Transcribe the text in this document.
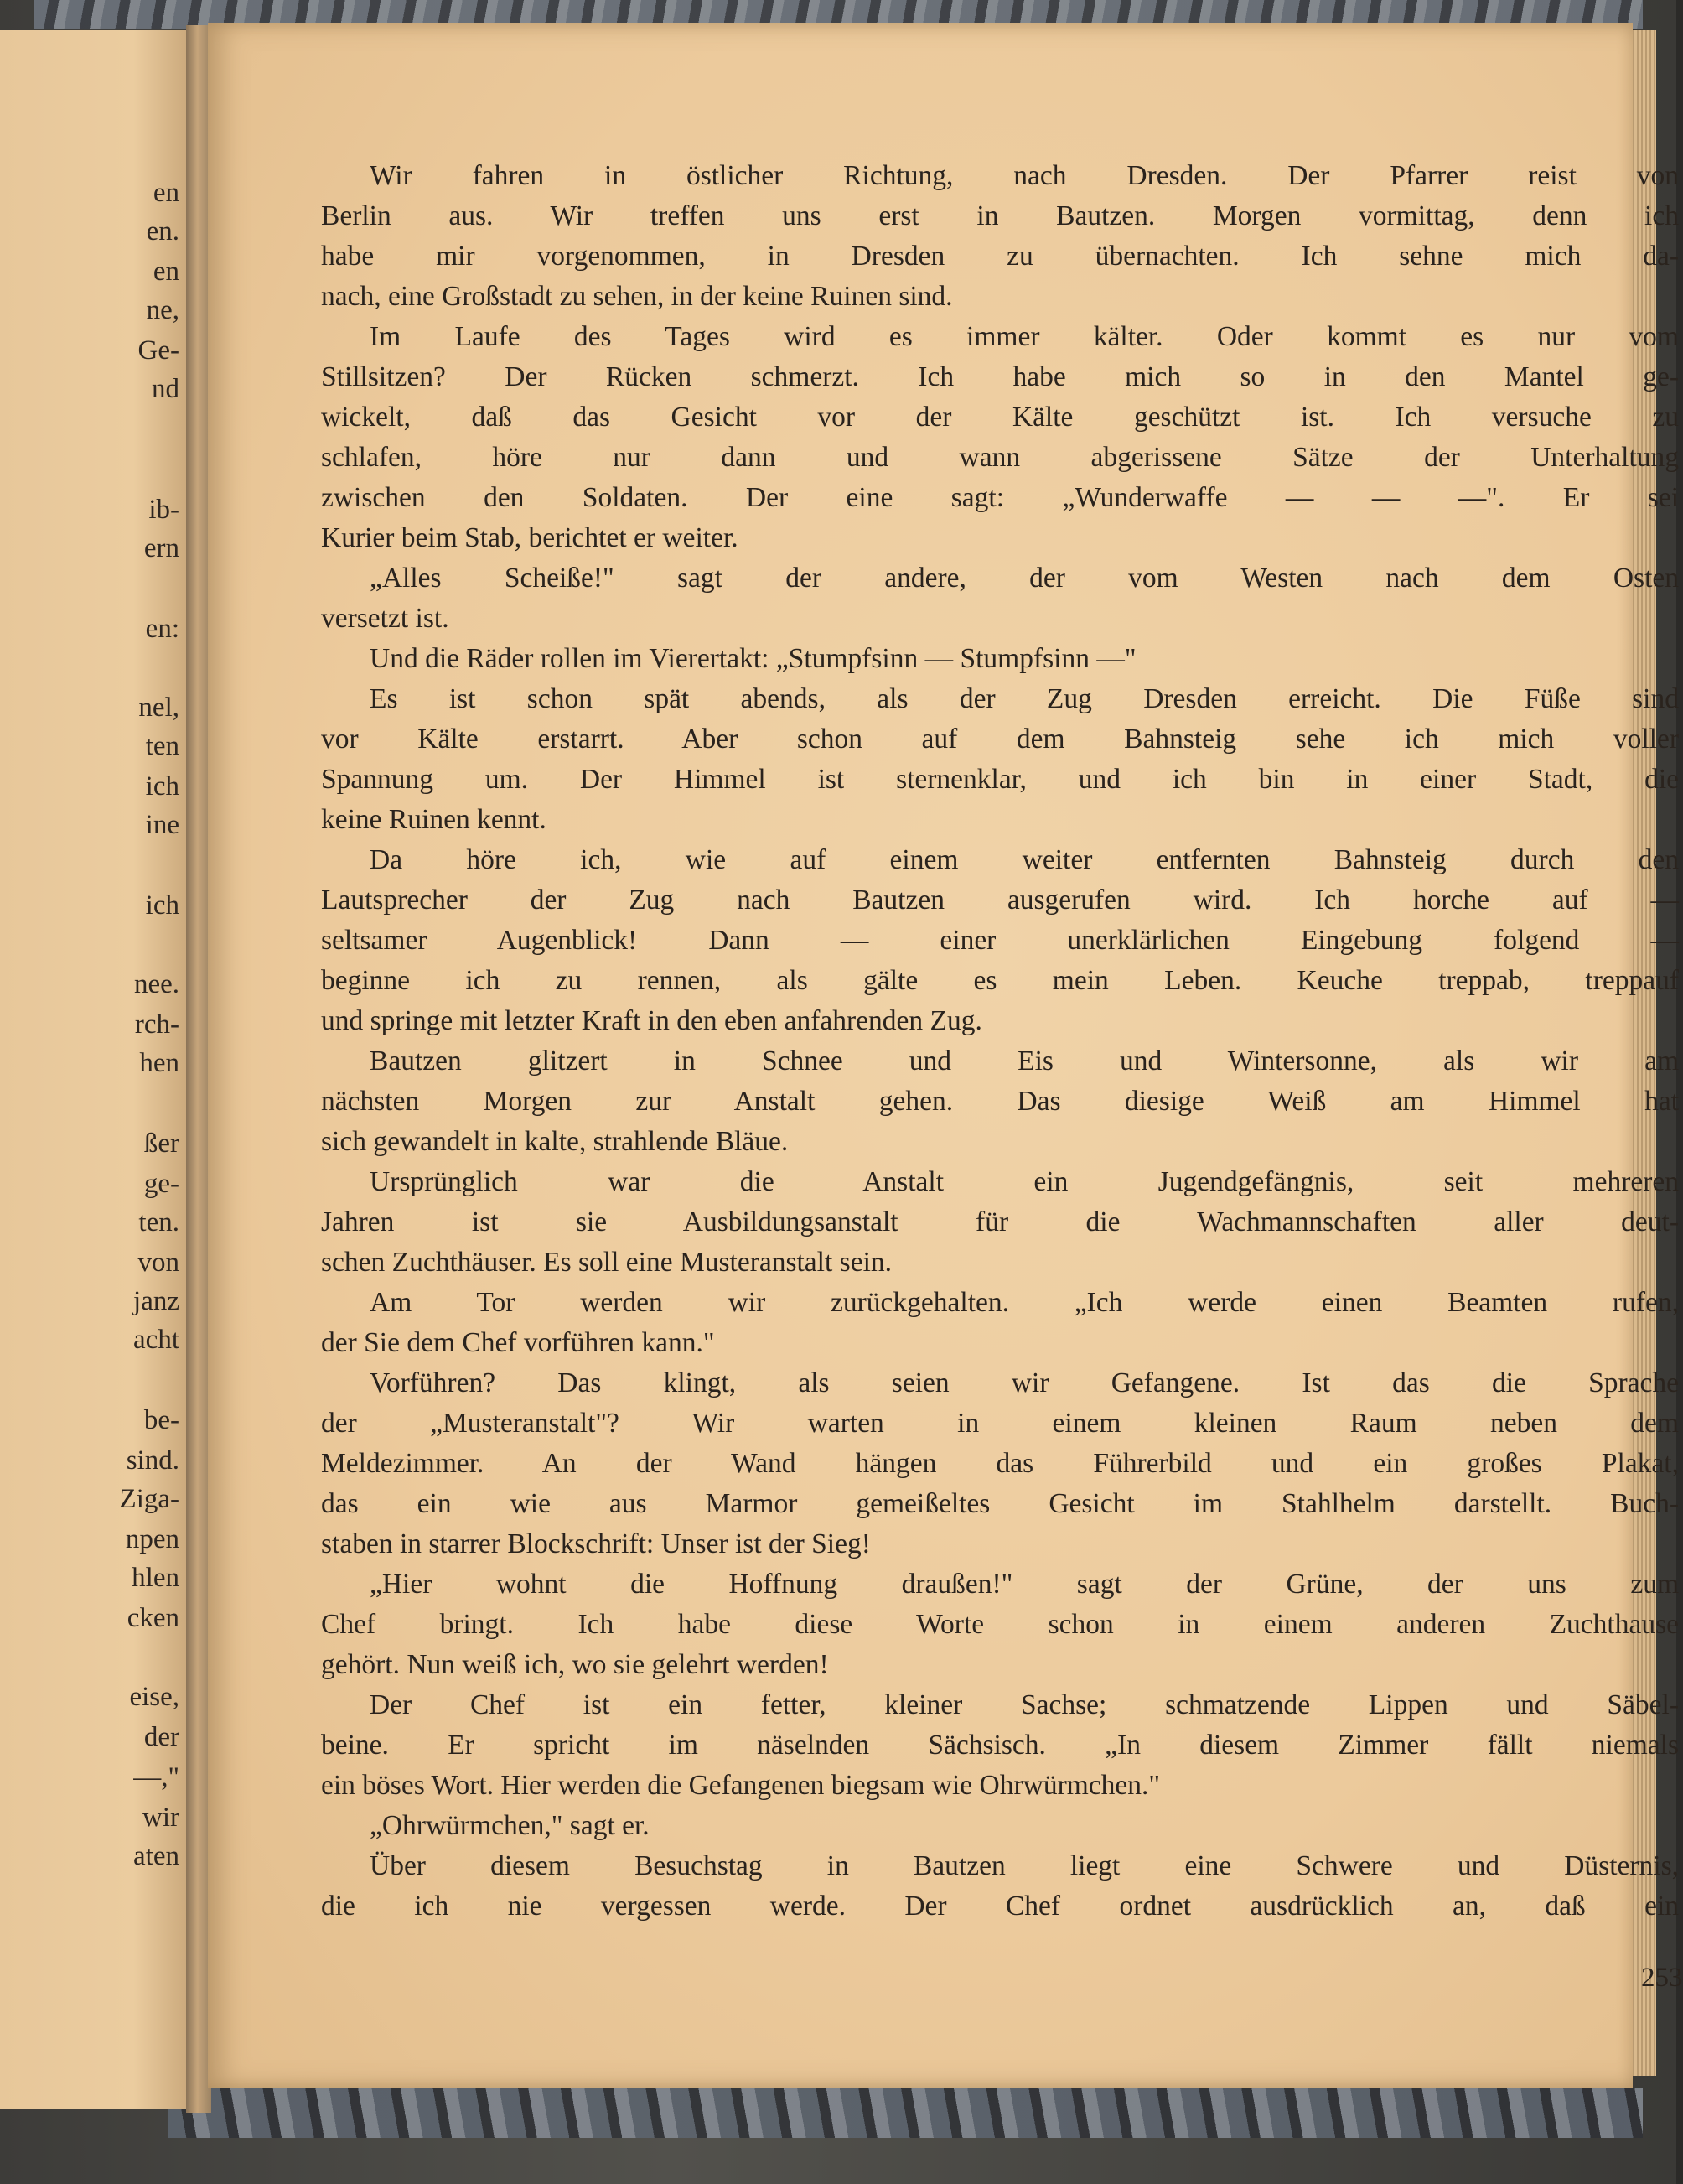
en
en.
en
ne,
Ge-
nd
ib-
ern
en:
nel,
ten
ich
ine
ich
nee.
rch-
hen
ßer
ge-
ten.
von
janz
acht
be-
sind.
Ziga-
npen
hlen
cken
eise,
der
—,"
wir
aten
Wir fahren in östlicher Richtung, nach Dresden. Der Pfarrer reist von
Berlin aus. Wir treffen uns erst in Bautzen. Morgen vormittag, denn ich
habe mir vorgenommen, in Dresden zu übernachten. Ich sehne mich da-
nach, eine Großstadt zu sehen, in der keine Ruinen sind.
Im Laufe des Tages wird es immer kälter. Oder kommt es nur vom
Stillsitzen? Der Rücken schmerzt. Ich habe mich so in den Mantel ge-
wickelt, daß das Gesicht vor der Kälte geschützt ist. Ich versuche zu
schlafen, höre nur dann und wann abgerissene Sätze der Unterhaltung
zwischen den Soldaten. Der eine sagt: „Wunderwaffe — — —". Er sei
Kurier beim Stab, berichtet er weiter.
„Alles Scheiße!" sagt der andere, der vom Westen nach dem Osten
versetzt ist.
Und die Räder rollen im Vierertakt: „Stumpfsinn — Stumpfsinn —"
Es ist schon spät abends, als der Zug Dresden erreicht. Die Füße sind
vor Kälte erstarrt. Aber schon auf dem Bahnsteig sehe ich mich voller
Spannung um. Der Himmel ist sternenklar, und ich bin in einer Stadt, die
keine Ruinen kennt.
Da höre ich, wie auf einem weiter entfernten Bahnsteig durch den
Lautsprecher der Zug nach Bautzen ausgerufen wird. Ich horche auf —
seltsamer Augenblick! Dann — einer unerklärlichen Eingebung folgend —
beginne ich zu rennen, als gälte es mein Leben. Keuche treppab, treppauf
und springe mit letzter Kraft in den eben anfahrenden Zug.
Bautzen glitzert in Schnee und Eis und Wintersonne, als wir am
nächsten Morgen zur Anstalt gehen. Das diesige Weiß am Himmel hat
sich gewandelt in kalte, strahlende Bläue.
Ursprünglich war die Anstalt ein Jugendgefängnis, seit mehreren
Jahren ist sie Ausbildungsanstalt für die Wachmannschaften aller deut-
schen Zuchthäuser. Es soll eine Musteranstalt sein.
Am Tor werden wir zurückgehalten. „Ich werde einen Beamten rufen,
der Sie dem Chef vorführen kann."
Vorführen? Das klingt, als seien wir Gefangene. Ist das die Sprache
der „Musteranstalt"? Wir warten in einem kleinen Raum neben dem
Meldezimmer. An der Wand hängen das Führerbild und ein großes Plakat,
das ein wie aus Marmor gemeißeltes Gesicht im Stahlhelm darstellt. Buch-
staben in starrer Blockschrift: Unser ist der Sieg!
„Hier wohnt die Hoffnung draußen!" sagt der Grüne, der uns zum
Chef bringt. Ich habe diese Worte schon in einem anderen Zuchthause
gehört. Nun weiß ich, wo sie gelehrt werden!
Der Chef ist ein fetter, kleiner Sachse; schmatzende Lippen und Säbel-
beine. Er spricht im näselnden Sächsisch. „In diesem Zimmer fällt niemals
ein böses Wort. Hier werden die Gefangenen biegsam wie Ohrwürmchen."
„Ohrwürmchen," sagt er.
Über diesem Besuchstag in Bautzen liegt eine Schwere und Düsternis,
die ich nie vergessen werde. Der Chef ordnet ausdrücklich an, daß ein
253
